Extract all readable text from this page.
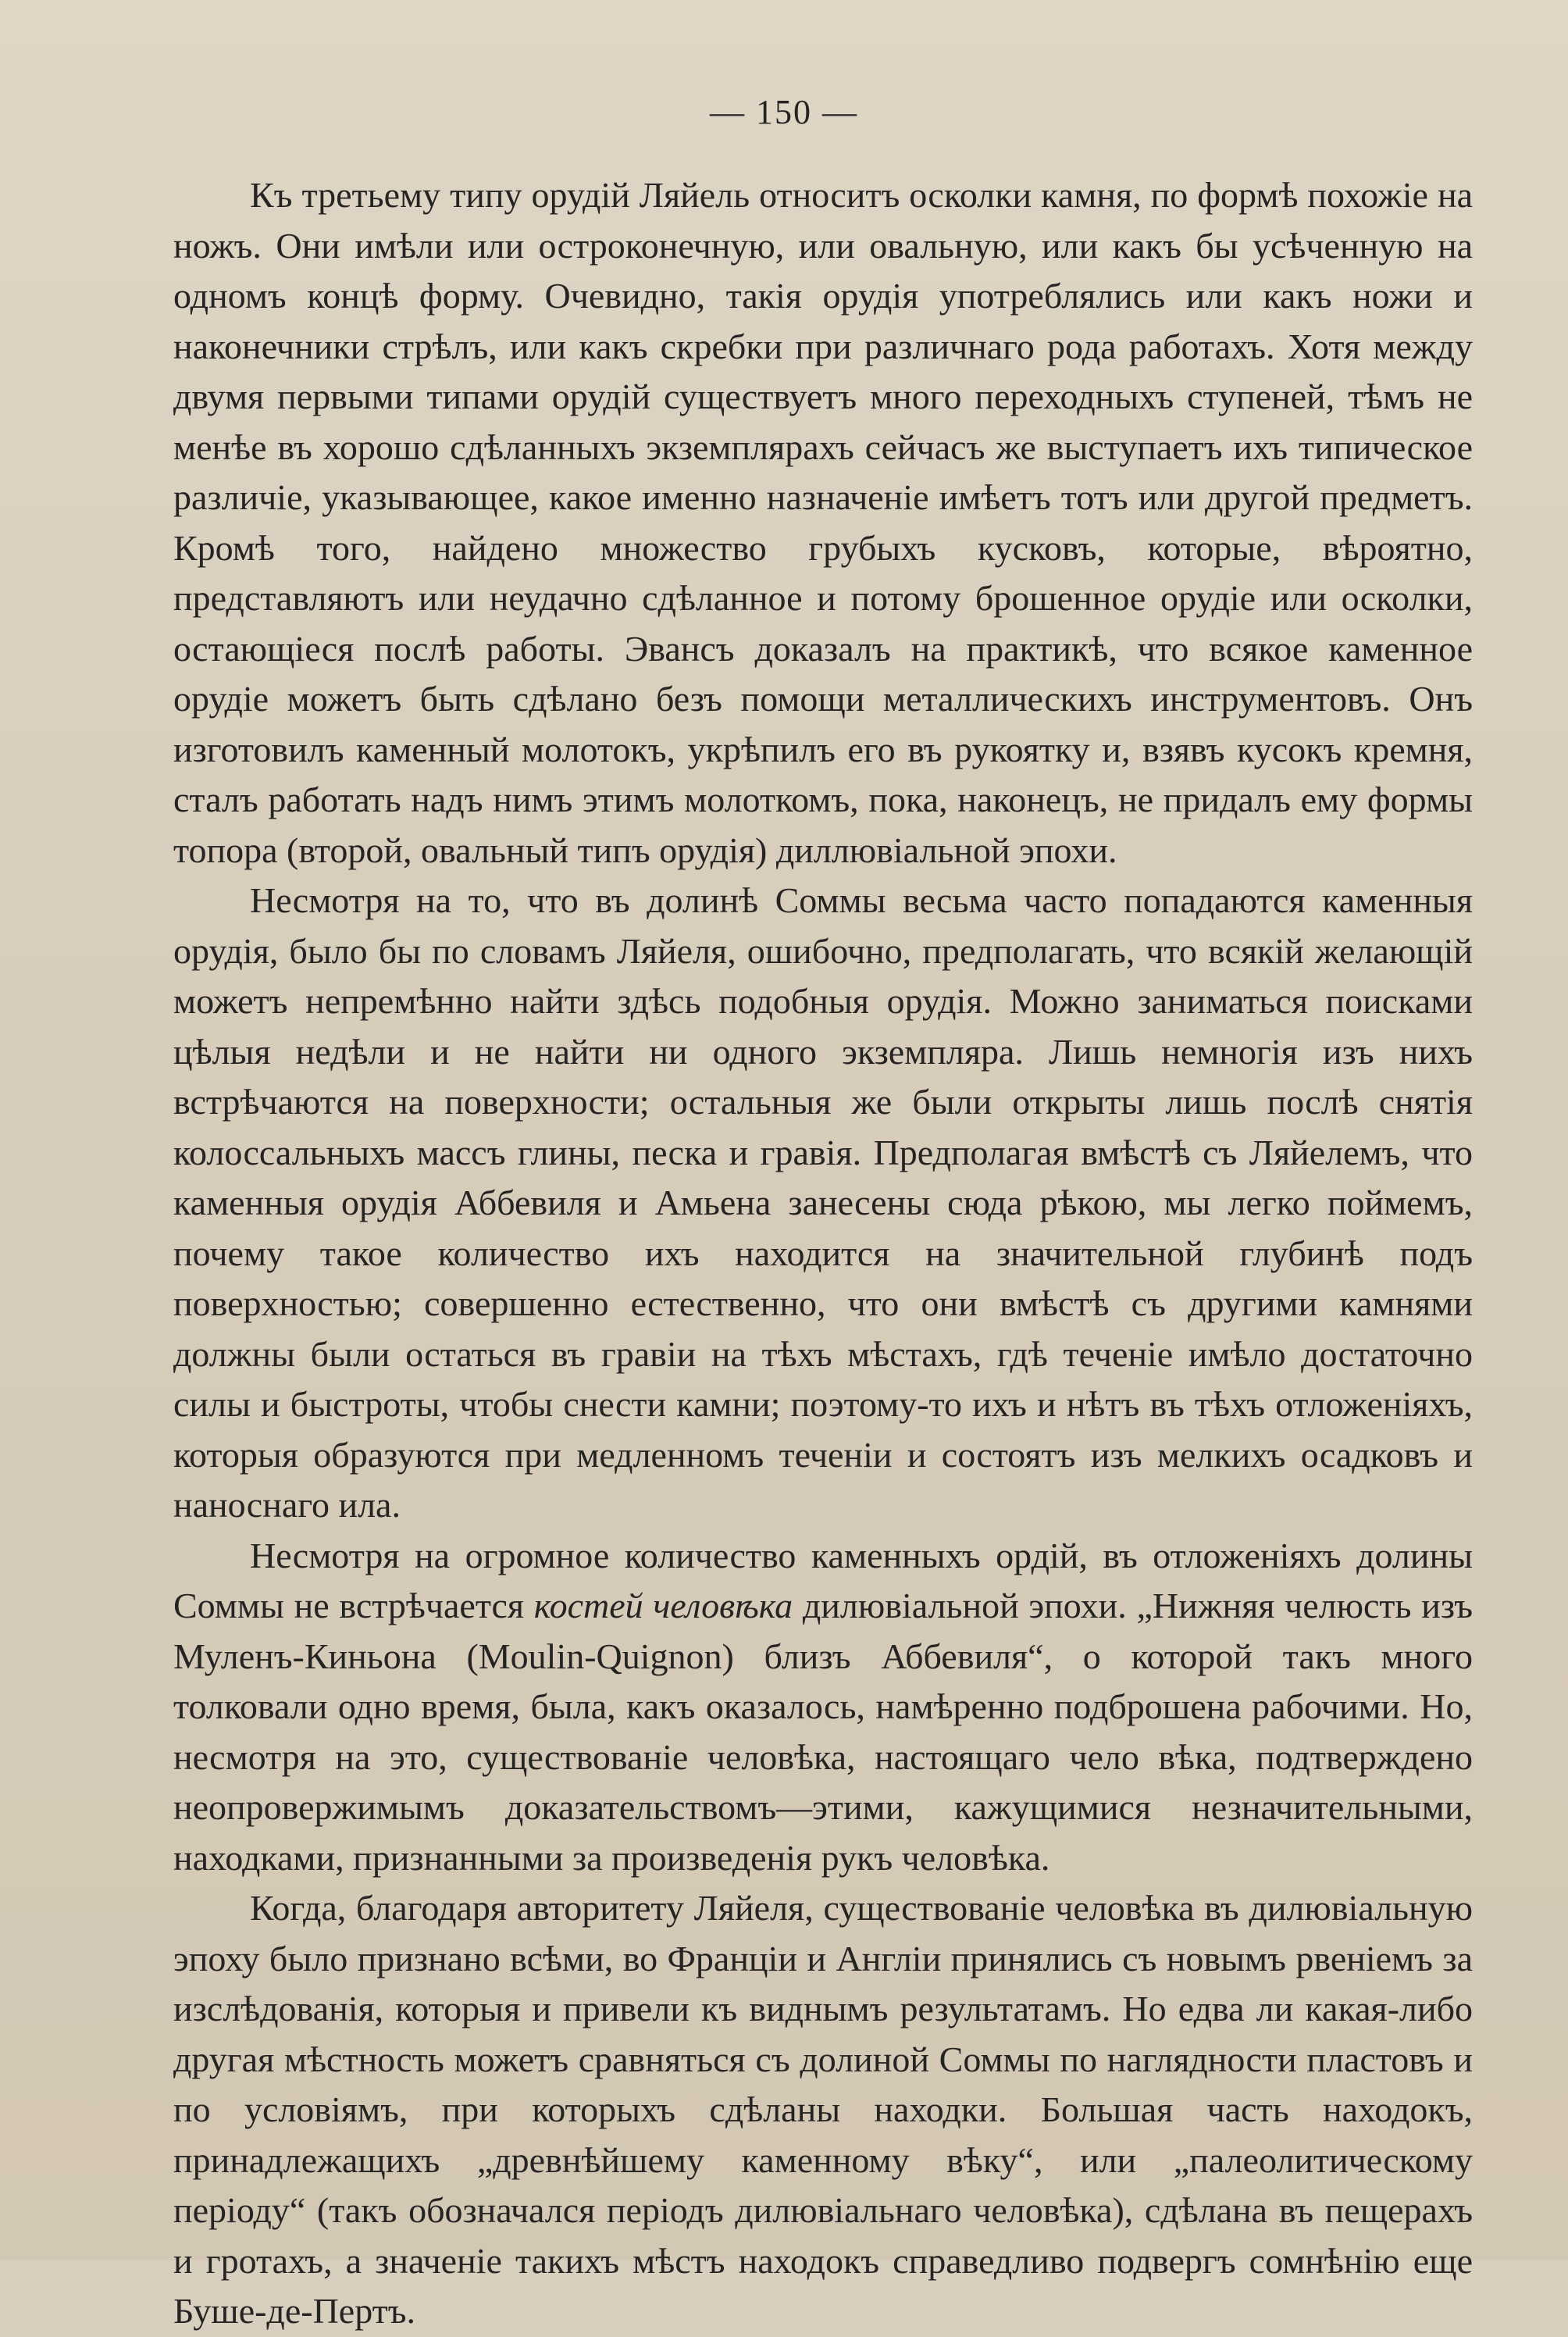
— 150 —

Къ третьему типу орудій Ляйель относитъ осколки камня, по формѣ похожіе на ножъ. Они имѣли или остроконечную, или овальную, или какъ бы усѣченную на одномъ концѣ форму. Очевидно, такія орудія употреблялись или какъ ножи и наконечники стрѣлъ, или какъ скребки при различнаго рода работахъ. Хотя между двумя первыми типами орудій существуетъ много переходныхъ ступеней, тѣмъ не менѣе въ хорошо сдѣланныхъ экземплярахъ сейчасъ же выступаетъ ихъ типическое различіе, указывающее, какое именно назначеніе имѣетъ тотъ или другой предметъ. Кромѣ того, найдено множество грубыхъ кусковъ, которые, вѣроятно, представляютъ или неудачно сдѣланное и потому брошенное орудіе или осколки, остающіеся послѣ работы. Эвансъ доказалъ на практикѣ, что всякое каменное орудіе можетъ быть сдѣлано безъ помощи металлическихъ инструментовъ. Онъ изготовилъ каменный молотокъ, укрѣпилъ его въ рукоятку и, взявъ кусокъ кремня, сталъ работать надъ нимъ этимъ молоткомъ, пока, наконецъ, не придалъ ему формы топора (второй, овальный типъ орудія) диллювіальной эпохи.

Несмотря на то, что въ долинѣ Соммы весьма часто попадаются каменныя орудія, было бы по словамъ Ляйеля, ошибочно, предполагать, что всякій желающій можетъ непремѣнно найти здѣсь подобныя орудія. Можно заниматься поисками цѣлыя недѣли и не найти ни одного экземпляра. Лишь немногія изъ нихъ встрѣчаются на поверхности; остальныя же были открыты лишь послѣ снятія колоссальныхъ массъ глины, песка и гравія. Предполагая вмѣстѣ съ Ляйелемъ, что каменныя орудія Аббевиля и Амьена занесены сюда рѣкою, мы легко поймемъ, почему такое количество ихъ находится на значительной глубинѣ подъ поверхностью; совершенно естественно, что они вмѣстѣ съ другими камнями должны были остаться въ гравіи на тѣхъ мѣстахъ, гдѣ теченіе имѣло достаточно силы и быстроты, чтобы снести камни; поэтому-то ихъ и нѣтъ въ тѣхъ отложеніяхъ, которыя образуются при медленномъ теченіи и состоятъ изъ мелкихъ осадковъ и наноснаго ила.

Несмотря на огромное количество каменныхъ ордій, въ отложеніяхъ долины Соммы не встрѣчается костей человѣка дилювіальной эпохи. „Нижняя челюсть изъ Муленъ-Киньона (Moulin-Quignon) близъ Аббевиля“, о которой такъ много толковали одно время, была, какъ оказалось, намѣренно подброшена рабочими. Но, несмотря на это, существованіе человѣка, настоящаго чело вѣка, подтверждено неопровержимымъ доказательствомъ—этими, кажущимися незначительными, находками, признанными за произведенія рукъ человѣка.

Когда, благодаря авторитету Ляйеля, существованіе человѣка въ дилювіальную эпоху было признано всѣми, во Франціи и Англіи принялись съ новымъ рвеніемъ за изслѣдованія, которыя и привели къ виднымъ результатамъ. Но едва ли какая-либо другая мѣстность можетъ сравняться съ долиной Соммы по наглядности пластовъ и по условіямъ, при которыхъ сдѣланы находки. Большая часть находокъ, принадлежащихъ „древнѣйшему каменному вѣку“, или „палеолитическому періоду“ (такъ обозначался періодъ дилювіальнаго человѣка), сдѣлана въ пещерахъ и гротахъ, а значеніе такихъ мѣстъ находокъ справедливо подвергъ сомнѣнію еще Буше-де-Пертъ.
